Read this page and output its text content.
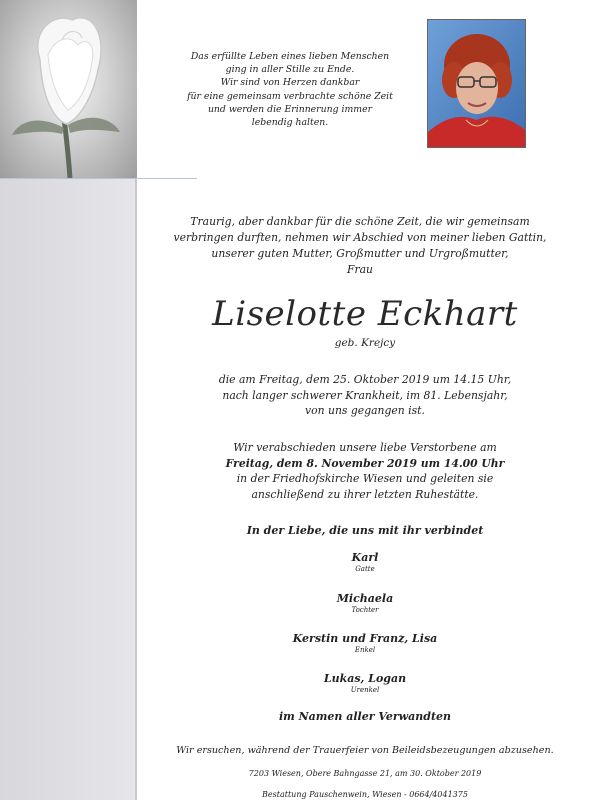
Das erfüllte Leben eines lieben Menschen
ging in aller Stille zu Ende.
Wir sind von Herzen dankbar
für eine gemeinsam verbrachte schöne Zeit
und werden die Erinnerung immer
lebendig halten.
Traurig, aber dankbar für die schöne Zeit, die wir gemeinsam
verbringen durften, nehmen wir Abschied von meiner lieben Gattin,
unserer guten Mutter, Großmutter und Urgroßmutter,
Frau
Liselotte Eckhart
geb. Krejcy
die am Freitag, dem 25. Oktober 2019 um 14.15 Uhr,
nach langer schwerer Krankheit, im 81. Lebensjahr,
von uns gegangen ist.
Wir verabschieden unsere liebe Verstorbene am
Freitag, dem 8. November 2019 um 14.00 Uhr
in der Friedhofskirche Wiesen und geleiten sie
anschließend zu ihrer letzten Ruhestätte.
In der Liebe, die uns mit ihr verbindet
Karl
Gatte
Michaela
Tochter
Kerstin und Franz, Lisa
Enkel
Lukas, Logan
Urenkel
im Namen aller Verwandten
Wir ersuchen, während der Trauerfeier von Beileidsbezeugungen abzusehen.
7203 Wiesen, Obere Bahngasse 21, am 30. Oktober 2019
Bestattung Pauschenwein, Wiesen - 0664/4041375
